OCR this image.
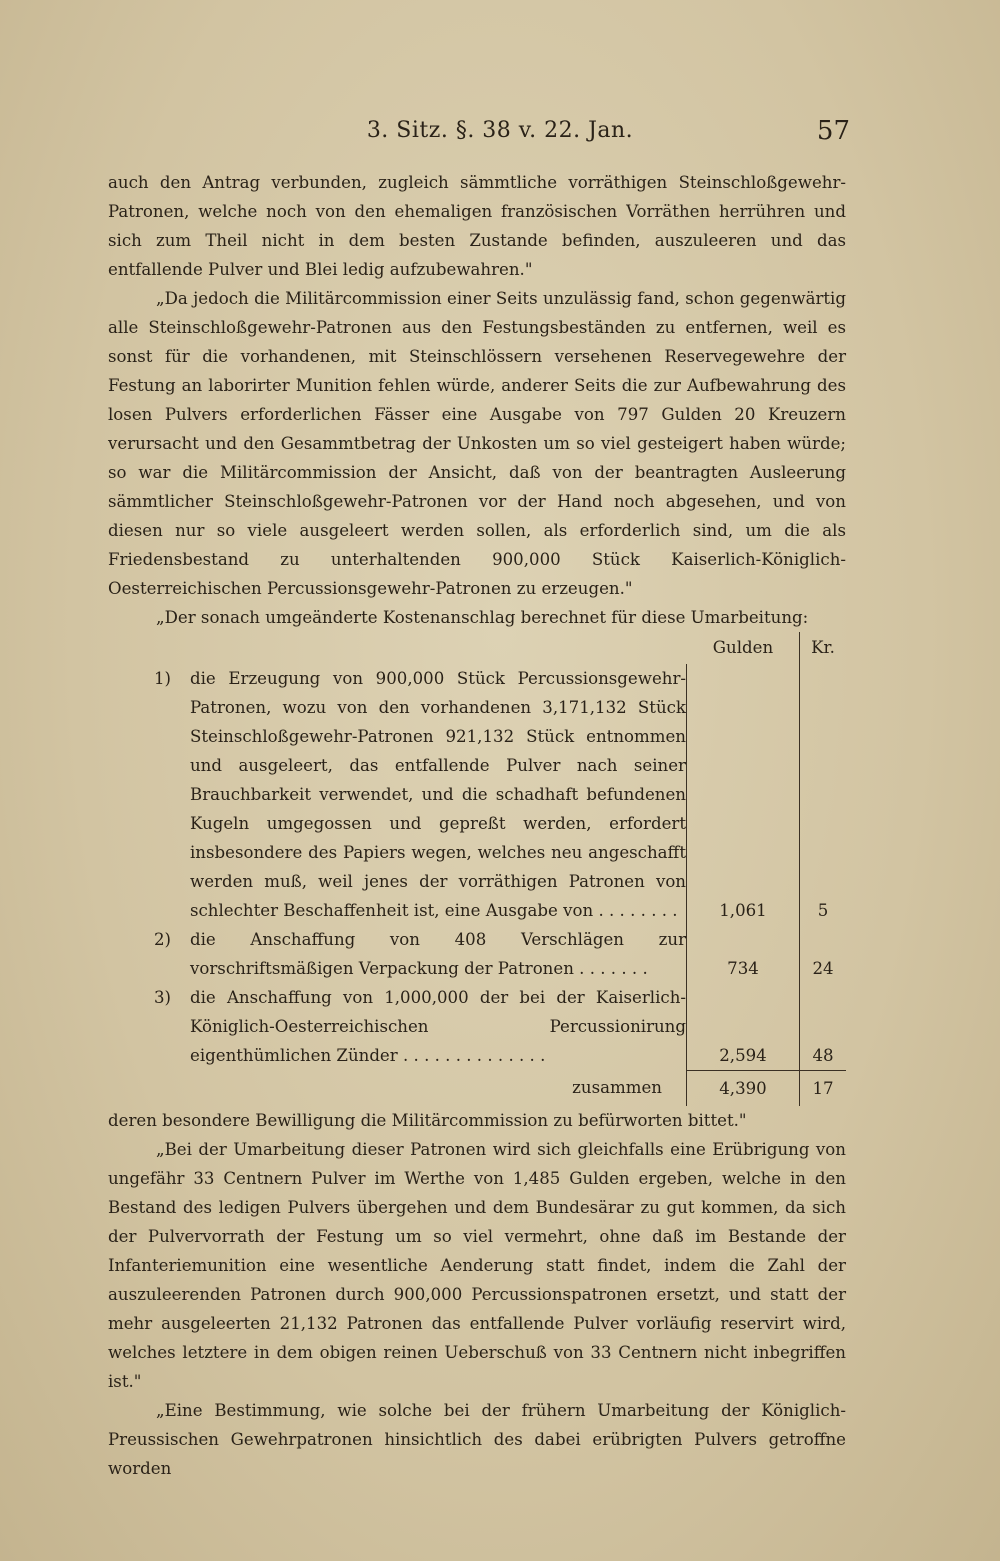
3. Sitz. §. 38 v. 22. Jan.	57

auch den Antrag verbunden, zugleich sämmtliche vorräthigen Steinschloßgewehr-Patronen, welche noch von den ehemaligen französischen Vorräthen herrühren und sich zum Theil nicht in dem besten Zustande befinden, auszuleeren und das entfallende Pulver und Blei ledig aufzubewahren."

„Da jedoch die Militärcommission einer Seits unzulässig fand, schon gegenwärtig alle Steinschloßgewehr-Patronen aus den Festungsbeständen zu entfernen, weil es sonst für die vorhandenen, mit Steinschlössern versehenen Reservegewehre der Festung an laborirter Munition fehlen würde, anderer Seits die zur Aufbewahrung des losen Pulvers erforderlichen Fässer eine Ausgabe von 797 Gulden 20 Kreuzern verursacht und den Gesammtbetrag der Unkosten um so viel gesteigert haben würde; so war die Militärcommission der Ansicht, daß von der beantragten Ausleerung sämmtlicher Steinschloßgewehr-Patronen vor der Hand noch abgesehen, und von diesen nur so viele ausgeleert werden sollen, als erforderlich sind, um die als Friedensbestand zu unterhaltenden 900,000 Stück Kaiserlich-Königlich-Oesterreichischen Percussionsgewehr-Patronen zu erzeugen."

„Der sonach umgeänderte Kostenanschlag berechnet für diese Umarbeitung:

Gulden	Kr.
1)	die Erzeugung von 900,000 Stück Percussionsgewehr-Patronen, wozu von den vorhandenen 3,171,132 Stück Steinschloßgewehr-Patronen 921,132 Stück entnommen und ausgeleert, das entfallende Pulver nach seiner Brauchbarkeit verwendet, und die schadhaft befundenen Kugeln umgegossen und gepreßt werden, erfordert insbesondere des Papiers wegen, welches neu angeschafft werden muß, weil jenes der vorräthigen Patronen von schlechter Beschaffenheit ist, eine Ausgabe von . . . . . . . .	1,061	5
2)	die Anschaffung von 408 Verschlägen zur vorschriftsmäßigen Verpackung der Patronen . . . . . . .	734	24
3)	die Anschaffung von 1,000,000 der bei der Kaiserlich-Königlich-Oesterreichischen Percussionirung eigenthümlichen Zünder . . . . . . . . . . . . . .	2,594	48
zusammen	4,390	17

deren besondere Bewilligung die Militärcommission zu befürworten bittet."

„Bei der Umarbeitung dieser Patronen wird sich gleichfalls eine Erübrigung von ungefähr 33 Centnern Pulver im Werthe von 1,485 Gulden ergeben, welche in den Bestand des ledigen Pulvers übergehen und dem Bundesärar zu gut kommen, da sich der Pulvervorrath der Festung um so viel vermehrt, ohne daß im Bestande der Infanteriemunition eine wesentliche Aenderung statt findet, indem die Zahl der auszuleerenden Patronen durch 900,000 Percussionspatronen ersetzt, und statt der mehr ausgeleerten 21,132 Patronen das entfallende Pulver vorläufig reservirt wird, welches letztere in dem obigen reinen Ueberschuß von 33 Centnern nicht inbegriffen ist."

„Eine Bestimmung, wie solche bei der frühern Umarbeitung der Königlich-Preussischen Gewehrpatronen hinsichtlich des dabei erübrigten Pulvers getroffne worden
